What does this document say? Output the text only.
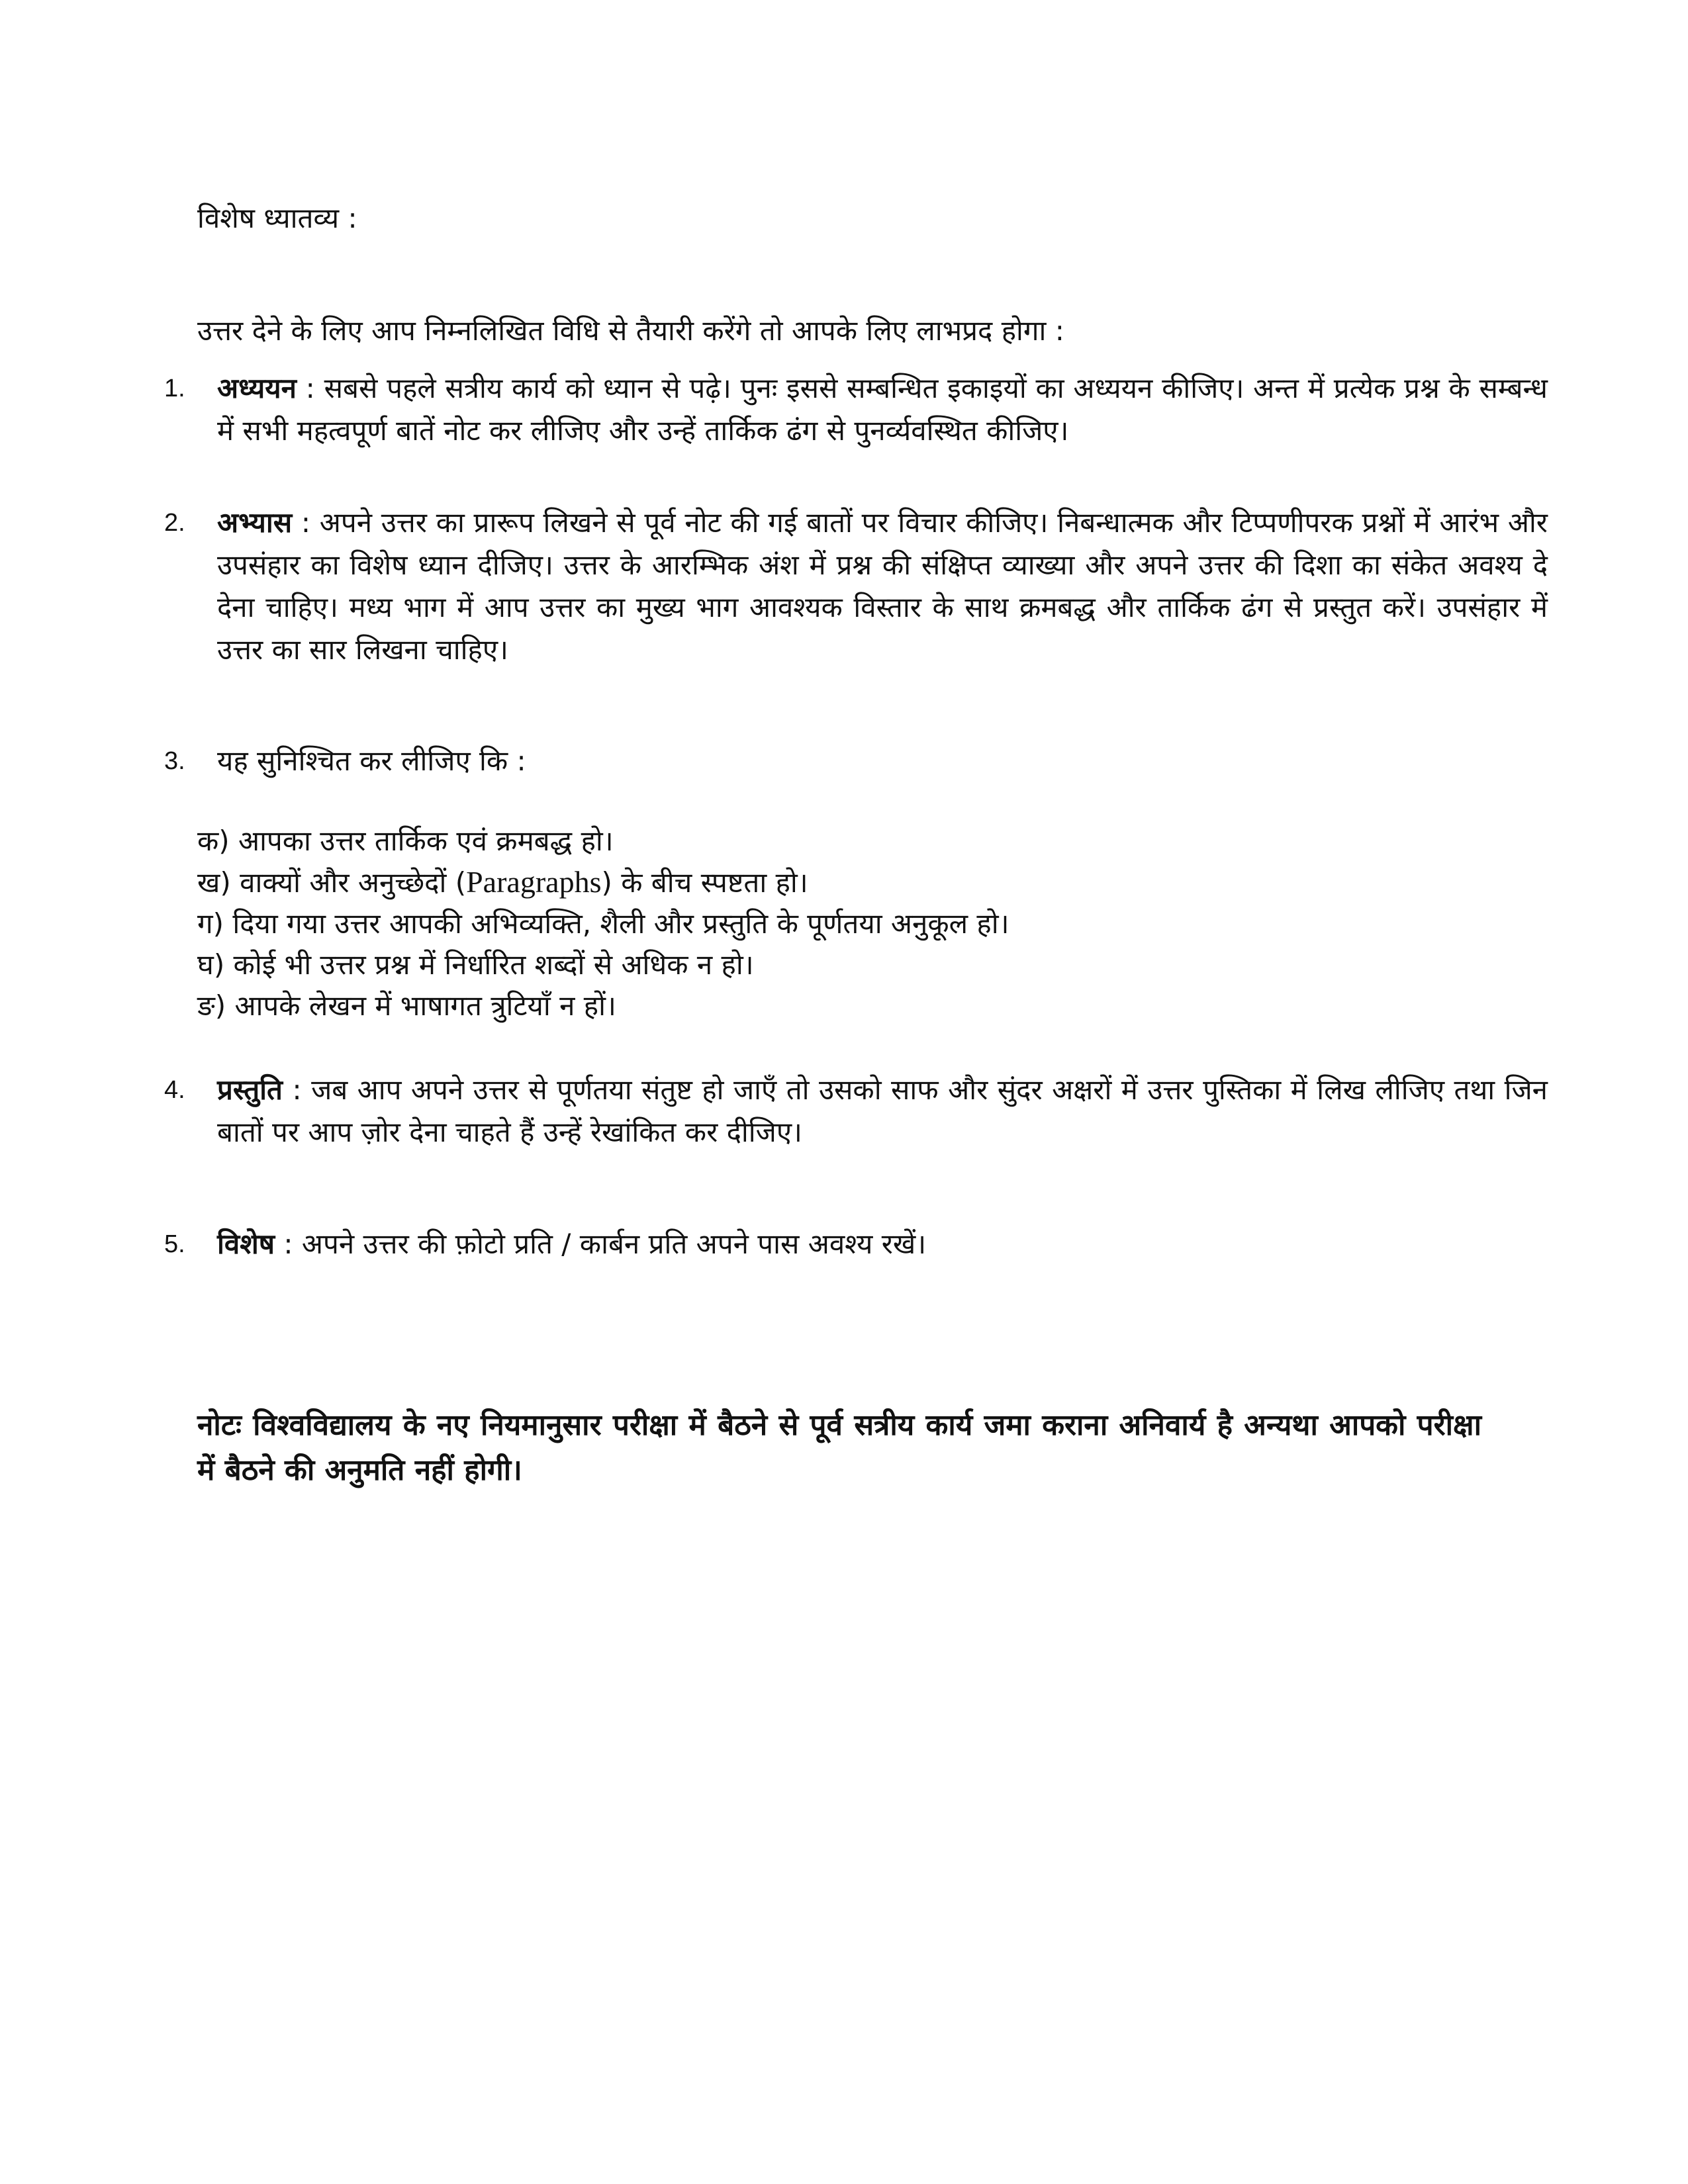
विशेष ध्यातव्य :
उत्तर देने के लिए आप निम्नलिखित विधि से तैयारी करेंगे तो आपके लिए लाभप्रद होगा :
1. अध्ययन : सबसे पहले सत्रीय कार्य को ध्यान से पढ़े। पुनः इससे सम्बन्धित इकाइयों का अध्ययन कीजिए। अन्त में प्रत्येक प्रश्न के सम्बन्ध में सभी महत्वपूर्ण बातें नोट कर लीजिए और उन्हें तार्किक ढंग से पुनर्व्यवस्थित कीजिए।
2. अभ्यास : अपने उत्तर का प्रारूप लिखने से पूर्व नोट की गई बातों पर विचार कीजिए। निबन्धात्मक और टिप्पणीपरक प्रश्नों में आरंभ और उपसंहार का विशेष ध्यान दीजिए। उत्तर के आरम्भिक अंश में प्रश्न की संक्षिप्त व्याख्या और अपने उत्तर की दिशा का संकेत अवश्य दे देना चाहिए। मध्य भाग में आप उत्तर का मुख्य भाग आवश्यक विस्तार के साथ क्रमबद्ध और तार्किक ढंग से प्रस्तुत करें। उपसंहार में उत्तर का सार लिखना चाहिए।
3. यह सुनिश्चित कर लीजिए कि :
क) आपका उत्तर तार्किक एवं क्रमबद्ध हो।
ख) वाक्यों और अनुच्छेदों (Paragraphs) के बीच स्पष्टता हो।
ग) दिया गया उत्तर आपकी अभिव्यक्ति, शैली और प्रस्तुति के पूर्णतया अनुकूल हो।
घ) कोई भी उत्तर प्रश्न में निर्धारित शब्दों से अधिक न हो।
ङ) आपके लेखन में भाषागत त्रुटियाँ न हों।
4. प्रस्तुति : जब आप अपने उत्तर से पूर्णतया संतुष्ट हो जाएँ तो उसको साफ और सुंदर अक्षरों में उत्तर पुस्तिका में लिख लीजिए तथा जिन बातों पर आप ज़ोर देना चाहते हैं उन्हें रेखांकित कर दीजिए।
5. विशेष : अपने उत्तर की फ़ोटो प्रति / कार्बन प्रति अपने पास अवश्य रखें।
नोटः विश्वविद्यालय के नए नियमानुसार परीक्षा में बैठने से पूर्व सत्रीय कार्य जमा कराना अनिवार्य है अन्यथा आपको परीक्षा में बैठने की अनुमति नहीं होगी।
